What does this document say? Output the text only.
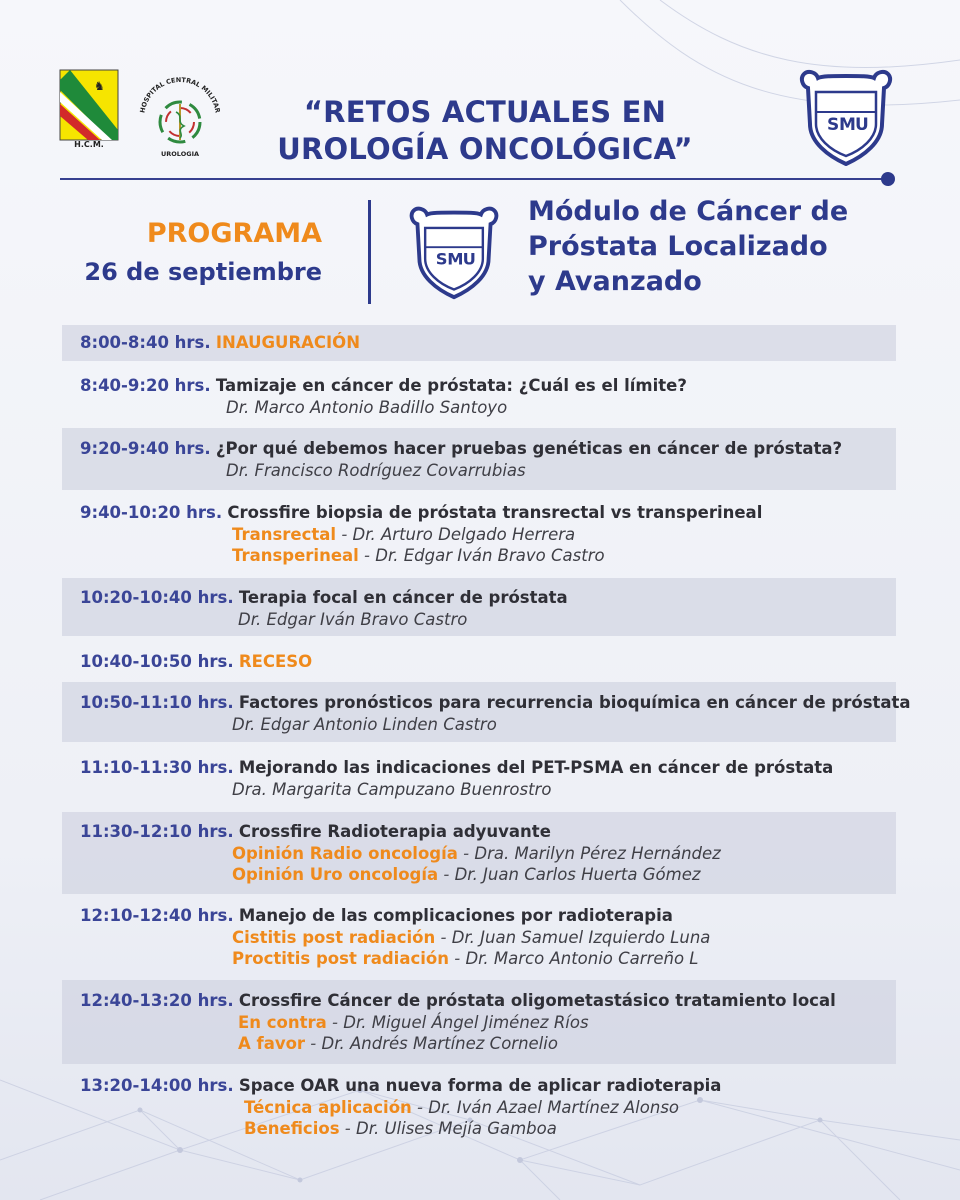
♞
H.C.M.
HOSPITAL CENTRAL MILITAR
UROLOGIA
“RETOS ACTUALES EN
UROLOGÍA ONCOLÓGICA”
S M U
PROGRAMA
26 de septiembre	S M U
Módulo de Cáncer de
Próstata Localizado
y Avanzado
8:00-8:40 hrs. INAUGURACIÓN
8:40-9:20 hrs. Tamizaje en cáncer de próstata: ¿Cuál es el límite?
Dr. Marco Antonio Badillo Santoyo
9:20-9:40 hrs. ¿Por qué debemos hacer pruebas genéticas en cáncer de próstata?
Dr. Francisco Rodríguez Covarrubias
9:40-10:20 hrs. Crossfire biopsia de próstata transrectal vs transperineal
Transrectal - Dr. Arturo Delgado Herrera
Transperineal - Dr. Edgar Iván Bravo Castro
10:20-10:40 hrs. Terapia focal en cáncer de próstata
Dr. Edgar Iván Bravo Castro
10:40-10:50 hrs. RECESO
10:50-11:10 hrs. Factores pronósticos para recurrencia bioquímica en cáncer de próstata
Dr. Edgar Antonio Linden Castro
11:10-11:30 hrs. Mejorando las indicaciones del PET-PSMA en cáncer de próstata
Dra. Margarita Campuzano Buenrostro
11:30-12:10 hrs. Crossfire Radioterapia adyuvante
Opinión Radio oncología - Dra. Marilyn Pérez Hernández
Opinión Uro oncología - Dr. Juan Carlos Huerta Gómez
12:10-12:40 hrs. Manejo de las complicaciones por radioterapia
Cistitis post radiación - Dr. Juan Samuel Izquierdo Luna
Proctitis post radiación - Dr. Marco Antonio Carreño L
12:40-13:20 hrs. Crossfire Cáncer de próstata oligometastásico tratamiento local
En contra - Dr. Miguel Ángel Jiménez Ríos
A favor - Dr. Andrés Martínez Cornelio
13:20-14:00 hrs. Space OAR una nueva forma de aplicar radioterapia
Técnica aplicación - Dr. Iván Azael Martínez Alonso
Beneficios - Dr. Ulises Mejía Gamboa
